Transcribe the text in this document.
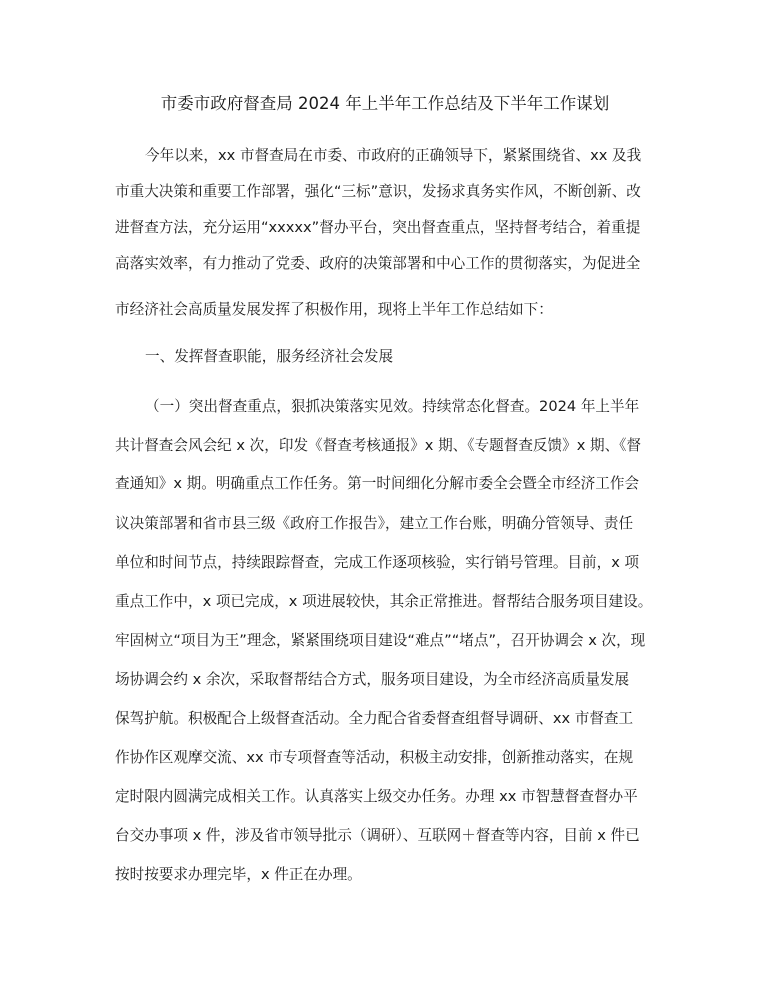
市委市政府督查局 2024 年上半年工作总结及下半年工作谋划
今年以来，xx 市督查局在市委、市政府的正确领导下，紧紧围绕省、xx 及我
市重大决策和重要工作部署，强化“三标”意识，发扬求真务实作风，不断创新、改
进督查方法，充分运用“xxxxx”督办平台，突出督查重点，坚持督考结合，着重提
高落实效率，有力推动了党委、政府的决策部署和中心工作的贯彻落实，为促进全
市经济社会高质量发展发挥了积极作用，现将上半年工作总结如下：
一、发挥督查职能，服务经济社会发展
（一）突出督查重点，狠抓决策落实见效。持续常态化督查。2024 年上半年
共计督查会风会纪 x 次，印发《督查考核通报》x 期、《专题督查反馈》x 期、《督
查通知》x 期。明确重点工作任务。第一时间细化分解市委全会暨全市经济工作会
议决策部署和省市县三级《政府工作报告》，建立工作台账，明确分管领导、责任
单位和时间节点，持续跟踪督查，完成工作逐项核验，实行销号管理。目前，x 项
重点工作中，x 项已完成，x 项进展较快，其余正常推进。督帮结合服务项目建设。
牢固树立“项目为王”理念，紧紧围绕项目建设“难点”“堵点”，召开协调会 x 次，现
场协调会约 x 余次，采取督帮结合方式，服务项目建设，为全市经济高质量发展
保驾护航。积极配合上级督查活动。全力配合省委督查组督导调研、xx 市督查工
作协作区观摩交流、xx 市专项督查等活动，积极主动安排，创新推动落实，在规
定时限内圆满完成相关工作。认真落实上级交办任务。办理 xx 市智慧督查督办平
台交办事项 x 件，涉及省市领导批示（调研）、互联网＋督查等内容，目前 x 件已
按时按要求办理完毕，x 件正在办理。
